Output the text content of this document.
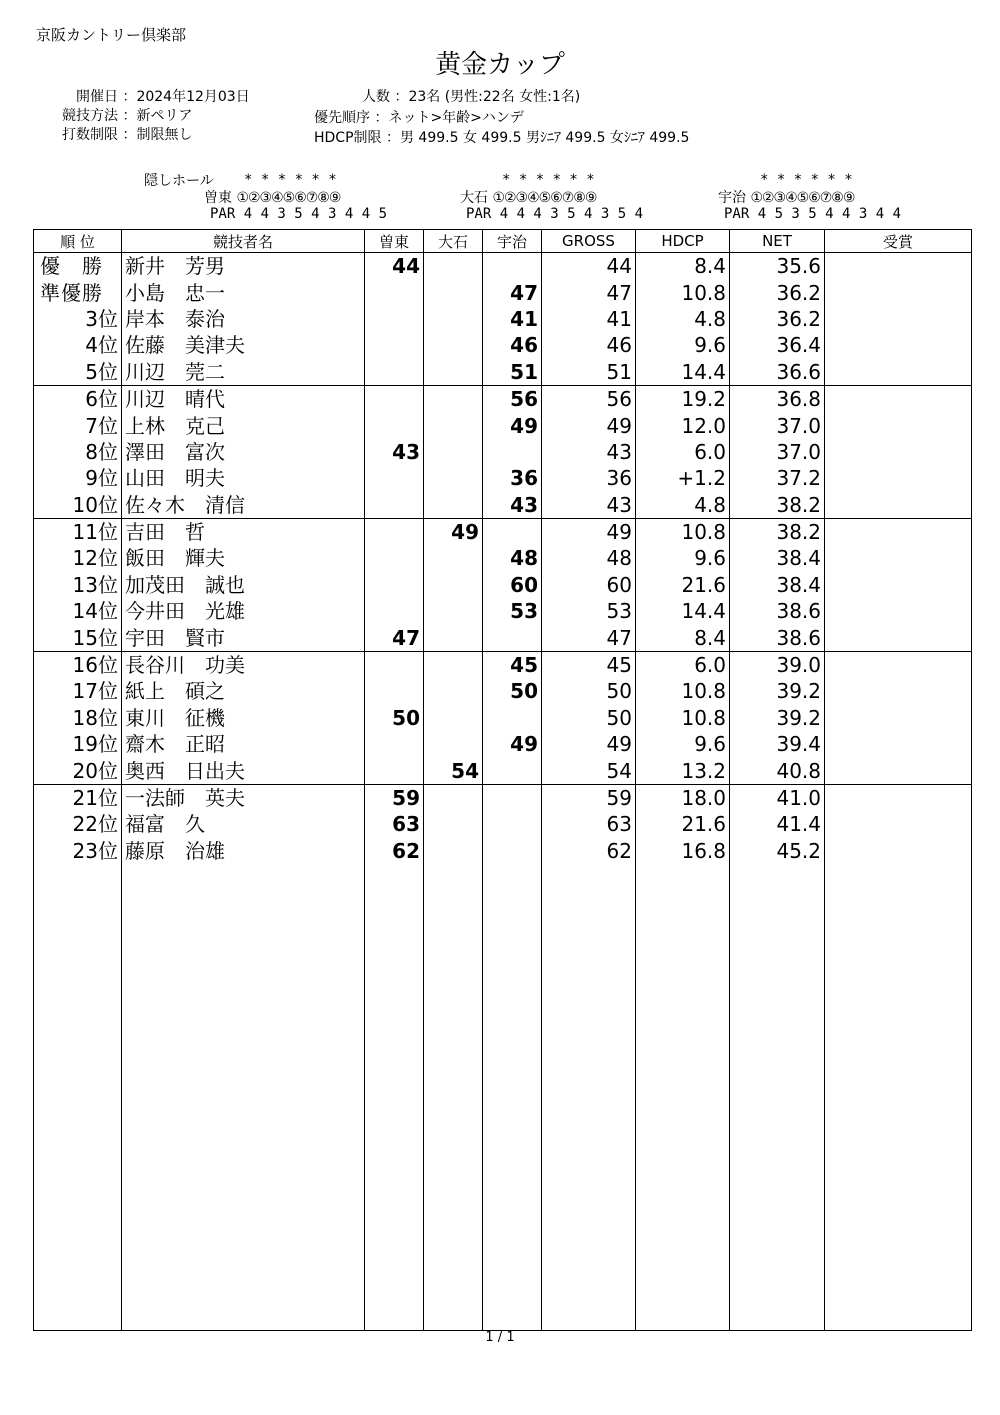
京阪カントリー倶楽部
黄金カップ
開催日 ：2024年12月03日
競技方法 ：新ペリア
打数制限 ：制限無し
人数 ：23名 (男性:22名 女性:1名)
優先順序 ：ネット>年齢>ハンデ
HDCP制限 ：男 499.5 女 499.5 男ｼﾆｱ 499.5 女ｼﾆｱ 499.5
隠しホール * * * * * *
曽東 ①②③④⑤⑥⑦⑧⑨
PAR 4 4 3 5 4 3 4 4 5
* * * * * *
大石 ①②③④⑤⑥⑦⑧⑨
PAR 4 4 4 3 5 4 3 5 4
* * * * * *
宇治 ①②③④⑤⑥⑦⑧⑨
PAR 4 5 3 5 4 4 3 4 4
順 位	競技者名	曽東	大石	宇治	GROSS	HDCP	NET	受賞
優　勝	新井　芳男	44			44	8.4	35.6	
準優勝	小島　忠一			47	47	10.8	36.2	
3位	岸本　泰治			41	41	4.8	36.2	
4位	佐藤　美津夫			46	46	9.6	36.4	
5位	川辺　莞二			51	51	14.4	36.6	
6位	川辺　晴代			56	56	19.2	36.8	
7位	上林　克己			49	49	12.0	37.0	
8位	澤田　富次	43			43	6.0	37.0	
9位	山田　明夫			36	36	+1.2	37.2	
10位	佐々木　清信			43	43	4.8	38.2	
11位	吉田　哲		49		49	10.8	38.2	
12位	飯田　輝夫			48	48	9.6	38.4	
13位	加茂田　誠也			60	60	21.6	38.4	
14位	今井田　光雄			53	53	14.4	38.6	
15位	宇田　賢市	47			47	8.4	38.6	
16位	長谷川　功美			45	45	6.0	39.0	
17位	紙上　碩之			50	50	10.8	39.2	
18位	東川　征機	50			50	10.8	39.2	
19位	齋木　正昭			49	49	9.6	39.4	
20位	奥西　日出夫		54		54	13.2	40.8	
21位	一法師　英夫	59			59	18.0	41.0	
22位	福富　久	63			63	21.6	41.4	
23位	藤原　治雄	62			62	16.8	45.2	

1 / 1
